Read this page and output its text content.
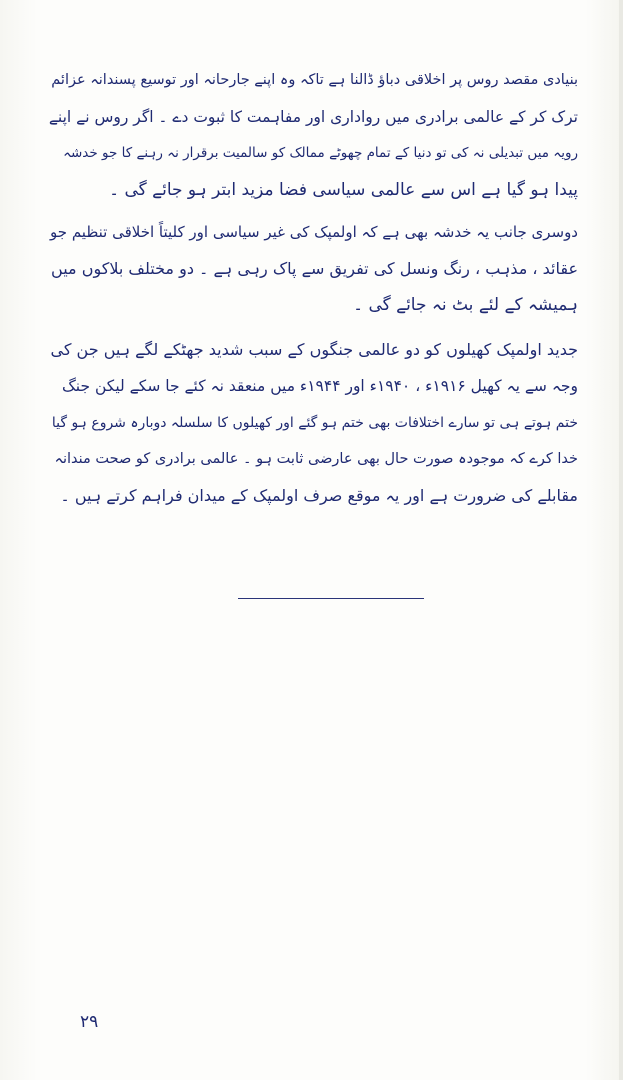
بنیادی مقصد روس پر اخلاقی دباؤ ڈالنا ہے تاکہ وہ اپنے جارحانہ اور توسیع پسندانہ عزائم

ترک کر کے عالمی برادری میں رواداری اور مفاہمت کا ثبوت دے ۔ اگر روس نے اپنے

رویہ میں تبدیلی نہ کی تو دنیا کے تمام چھوٹے ممالک کو سالمیت برقرار نہ رہنے کا جو خدشہ

پیدا ہو گیا ہے اس سے عالمی سیاسی فضا مزید ابتر ہو جائے گی ۔

دوسری جانب یہ خدشہ بھی ہے کہ اولمپک کی غیر سیاسی اور کلیتاً اخلاقی تنظیم جو

عقائد ، مذہب ، رنگ ونسل کی تفریق سے پاک رہی ہے ۔ دو مختلف بلاکوں میں

ہمیشہ کے لئے بٹ نہ جائے گی ۔

جدید اولمپک کھیلوں کو دو عالمی جنگوں کے سبب شدید جھٹکے لگے ہیں جن کی

وجہ سے یہ کھیل ۱۹۱۶ء ، ۱۹۴۰ء اور ۱۹۴۴ء میں منعقد نہ کئے جا سکے لیکن جنگ

ختم ہوتے ہی تو سارے اختلافات بھی ختم ہو گئے اور کھیلوں کا سلسلہ دوبارہ شروع ہو گیا

خدا کرے کہ موجودہ صورت حال بھی عارضی ثابت ہو ۔ عالمی برادری کو صحت مندانہ

مقابلے کی ضرورت ہے اور یہ موقع صرف اولمپک کے میدان فراہم کرتے ہیں ۔

۲۹
